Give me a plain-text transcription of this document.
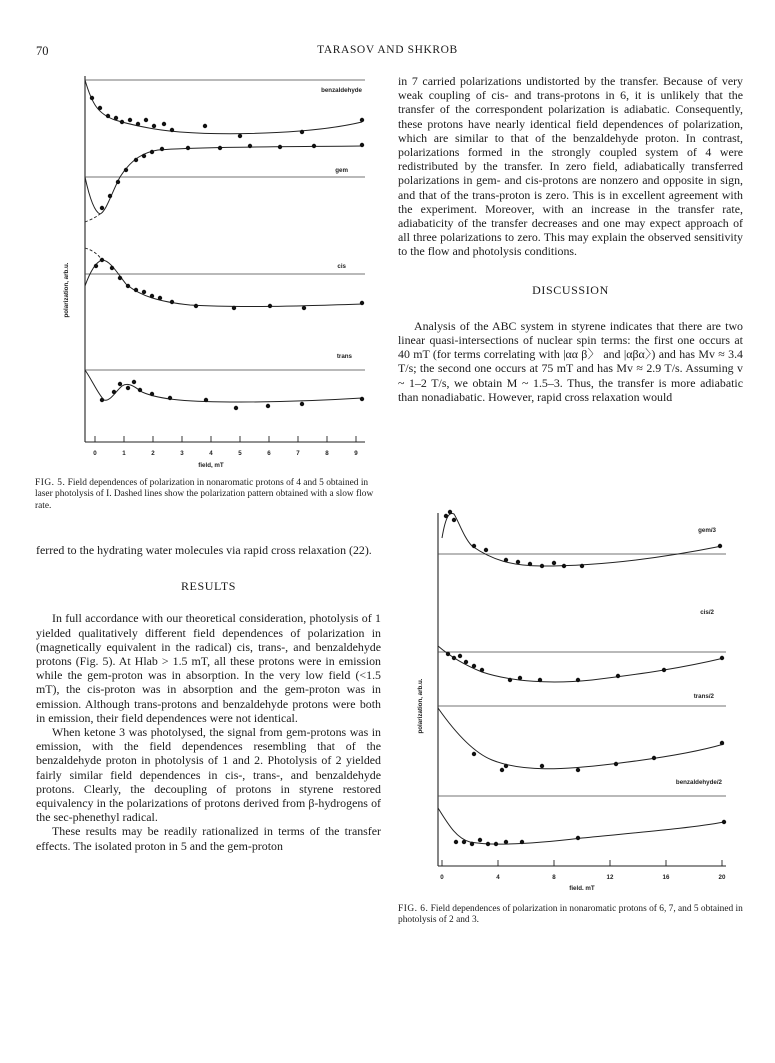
70	TARASOV AND SHKROB
polarization, arb.u.
benzaldehyde
gem
cis
trans
0	1	2	3	4	5	6	7	8	9
field, mT
FIG. 5. Field dependences of polarization in nonaromatic protons of 4 and 5 obtained in laser photolysis of I. Dashed lines show the polarization pattern obtained with a slow flow rate.

in 7 carried polarizations undistorted by the transfer. Because of very weak coupling of cis- and trans-protons in 6, it is unlikely that the transfer of the correspondent polarization is adiabatic. Consequently, these protons have nearly identical field dependences of polarization, which are similar to that of the benzaldehyde proton. In contrast, polarizations formed in the strongly coupled system of 4 were redistributed by the transfer. In zero field, adiabatically transferred polarizations in gem- and cis-protons are nonzero and opposite in sign, and that of the trans-proton is zero. This is in excellent agreement with the experiment. Moreover, with an increase in the transfer rate, adiabaticity of the transfer decreases and one may expect approach of all three polarizations to zero. This may explain the observed sensitivity to the flow and photolysis conditions.

DISCUSSION

Analysis of the ABC system in styrene indicates that there are two linear quasi-intersections of nuclear spin terms: the first one occurs at 40 mT (for terms correlating with |αα β〉 and |αβα〉) and has Mv ≈ 3.4 T/s; the second one occurs at 75 mT and has Mv ≈ 2.9 T/s. Assuming v ~ 1–2 T/s, we obtain M ~ 1.5–3. Thus, the transfer is more adiabatic than nonadiabatic. However, rapid cross relaxation would

polarization, arb.u.
gem/3
cis/2
trans/2
benzaldehyde/2
0	4	8	12	16	20
field, mT
FIG. 6. Field dependences of polarization in nonaromatic protons of 6, 7, and 5 obtained in photolysis of 2 and 3.

ferred to the hydrating water molecules via rapid cross relaxation (22).

RESULTS

In full accordance with our theoretical consideration, photolysis of 1 yielded qualitatively different field dependences of polarization in (magnetically equivalent in the radical) cis, trans-, and benzaldehyde protons (Fig. 5). At Hlab > 1.5 mT, all these protons were in emission while the gem-proton was in absorption. In the very low field (<1.5 mT), the cis-proton was in absorption and the gem-proton was in emission. Although trans-protons and benzaldehyde protons were both in emission, their field dependences were not identical.

When ketone 3 was photolysed, the signal from gem-protons was in emission, with the field dependences resembling that of the benzaldehyde proton in photolysis of 1 and 2. Photolysis of 2 yielded fairly similar field dependences in cis-, trans-, and benzaldehyde protons. Clearly, the decoupling of protons in styrene restored equivalency in the polarizations of protons derived from β-hydrogens of the sec-phenethyl radical.

These results may be readily rationalized in terms of the transfer effects. The isolated proton in 5 and the gem-proton
